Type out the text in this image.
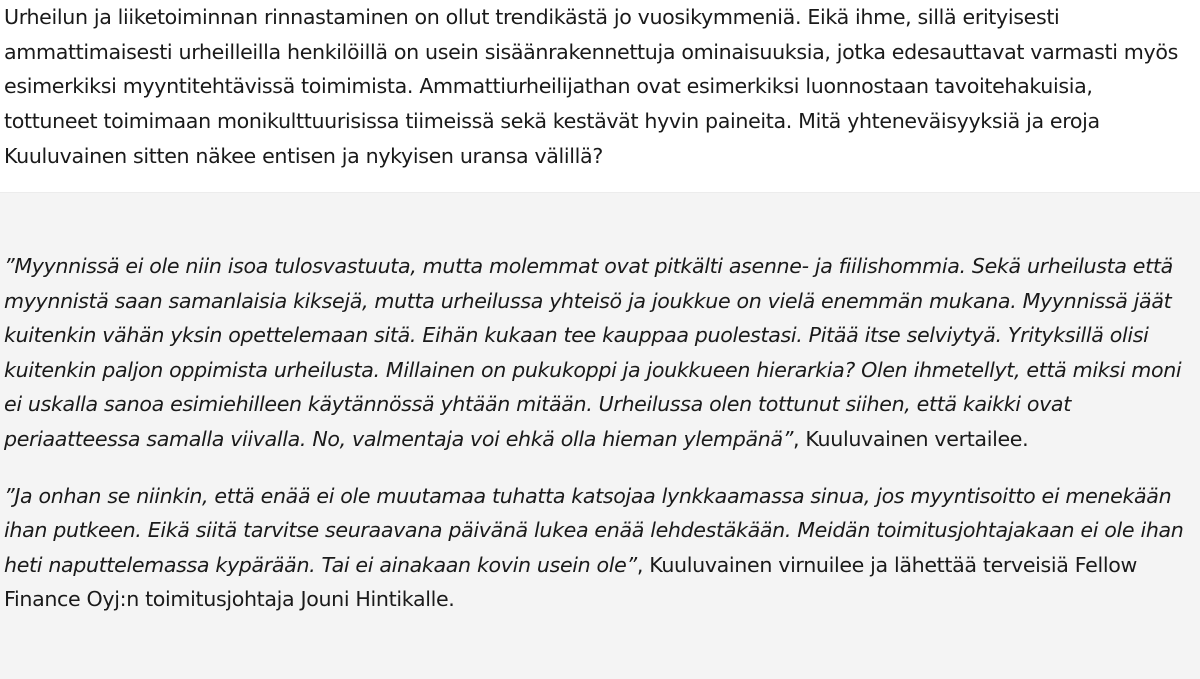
Urheilun ja liiketoiminnan rinnastaminen on ollut trendikästä jo vuosikymmeniä. Eikä ihme, sillä erityisesti ammattimaisesti urheilleilla henkilöillä on usein sisäänrakennettuja ominaisuuksia, jotka edesauttavat varmasti myös esimerkiksi myyntitehtävissä toimimista. Ammattiurheilijathan ovat esimerkiksi luonnostaan tavoitehakuisia, tottuneet toimimaan monikulttuurisissa tiimeissä sekä kestävät hyvin paineita. Mitä yhteneväisyyksiä ja eroja Kuuluvainen sitten näkee entisen ja nykyisen uransa välillä?

”Myynnissä ei ole niin isoa tulosvastuuta, mutta molemmat ovat pitkälti asenne- ja fiilishommia. Sekä urheilusta että myynnistä saan samanlaisia kiksejä, mutta urheilussa yhteisö ja joukkue on vielä enemmän mukana. Myynnissä jäät kuitenkin vähän yksin opettelemaan sitä. Eihän kukaan tee kauppaa puolestasi. Pitää itse selviytyä. Yrityksillä olisi kuitenkin paljon oppimista urheilusta. Millainen on pukukoppi ja joukkueen hierarkia? Olen ihmetellyt, että miksi moni ei uskalla sanoa esimiehilleen käytännössä yhtään mitään. Urheilussa olen tottunut siihen, että kaikki ovat periaatteessa samalla viivalla. No, valmentaja voi ehkä olla hieman ylempänä”, Kuuluvainen vertailee.

”Ja onhan se niinkin, että enää ei ole muutamaa tuhatta katsojaa lynkkaamassa sinua, jos myyntisoitto ei menekään ihan putkeen. Eikä siitä tarvitse seuraavana päivänä lukea enää lehdestäkään. Meidän toimitusjohtajakaan ei ole ihan heti naputtelemassa kypärään. Tai ei ainakaan kovin usein ole”, Kuuluvainen virnuilee ja lähettää terveisiä Fellow Finance Oyj:n toimitusjohtaja Jouni Hintikalle.
